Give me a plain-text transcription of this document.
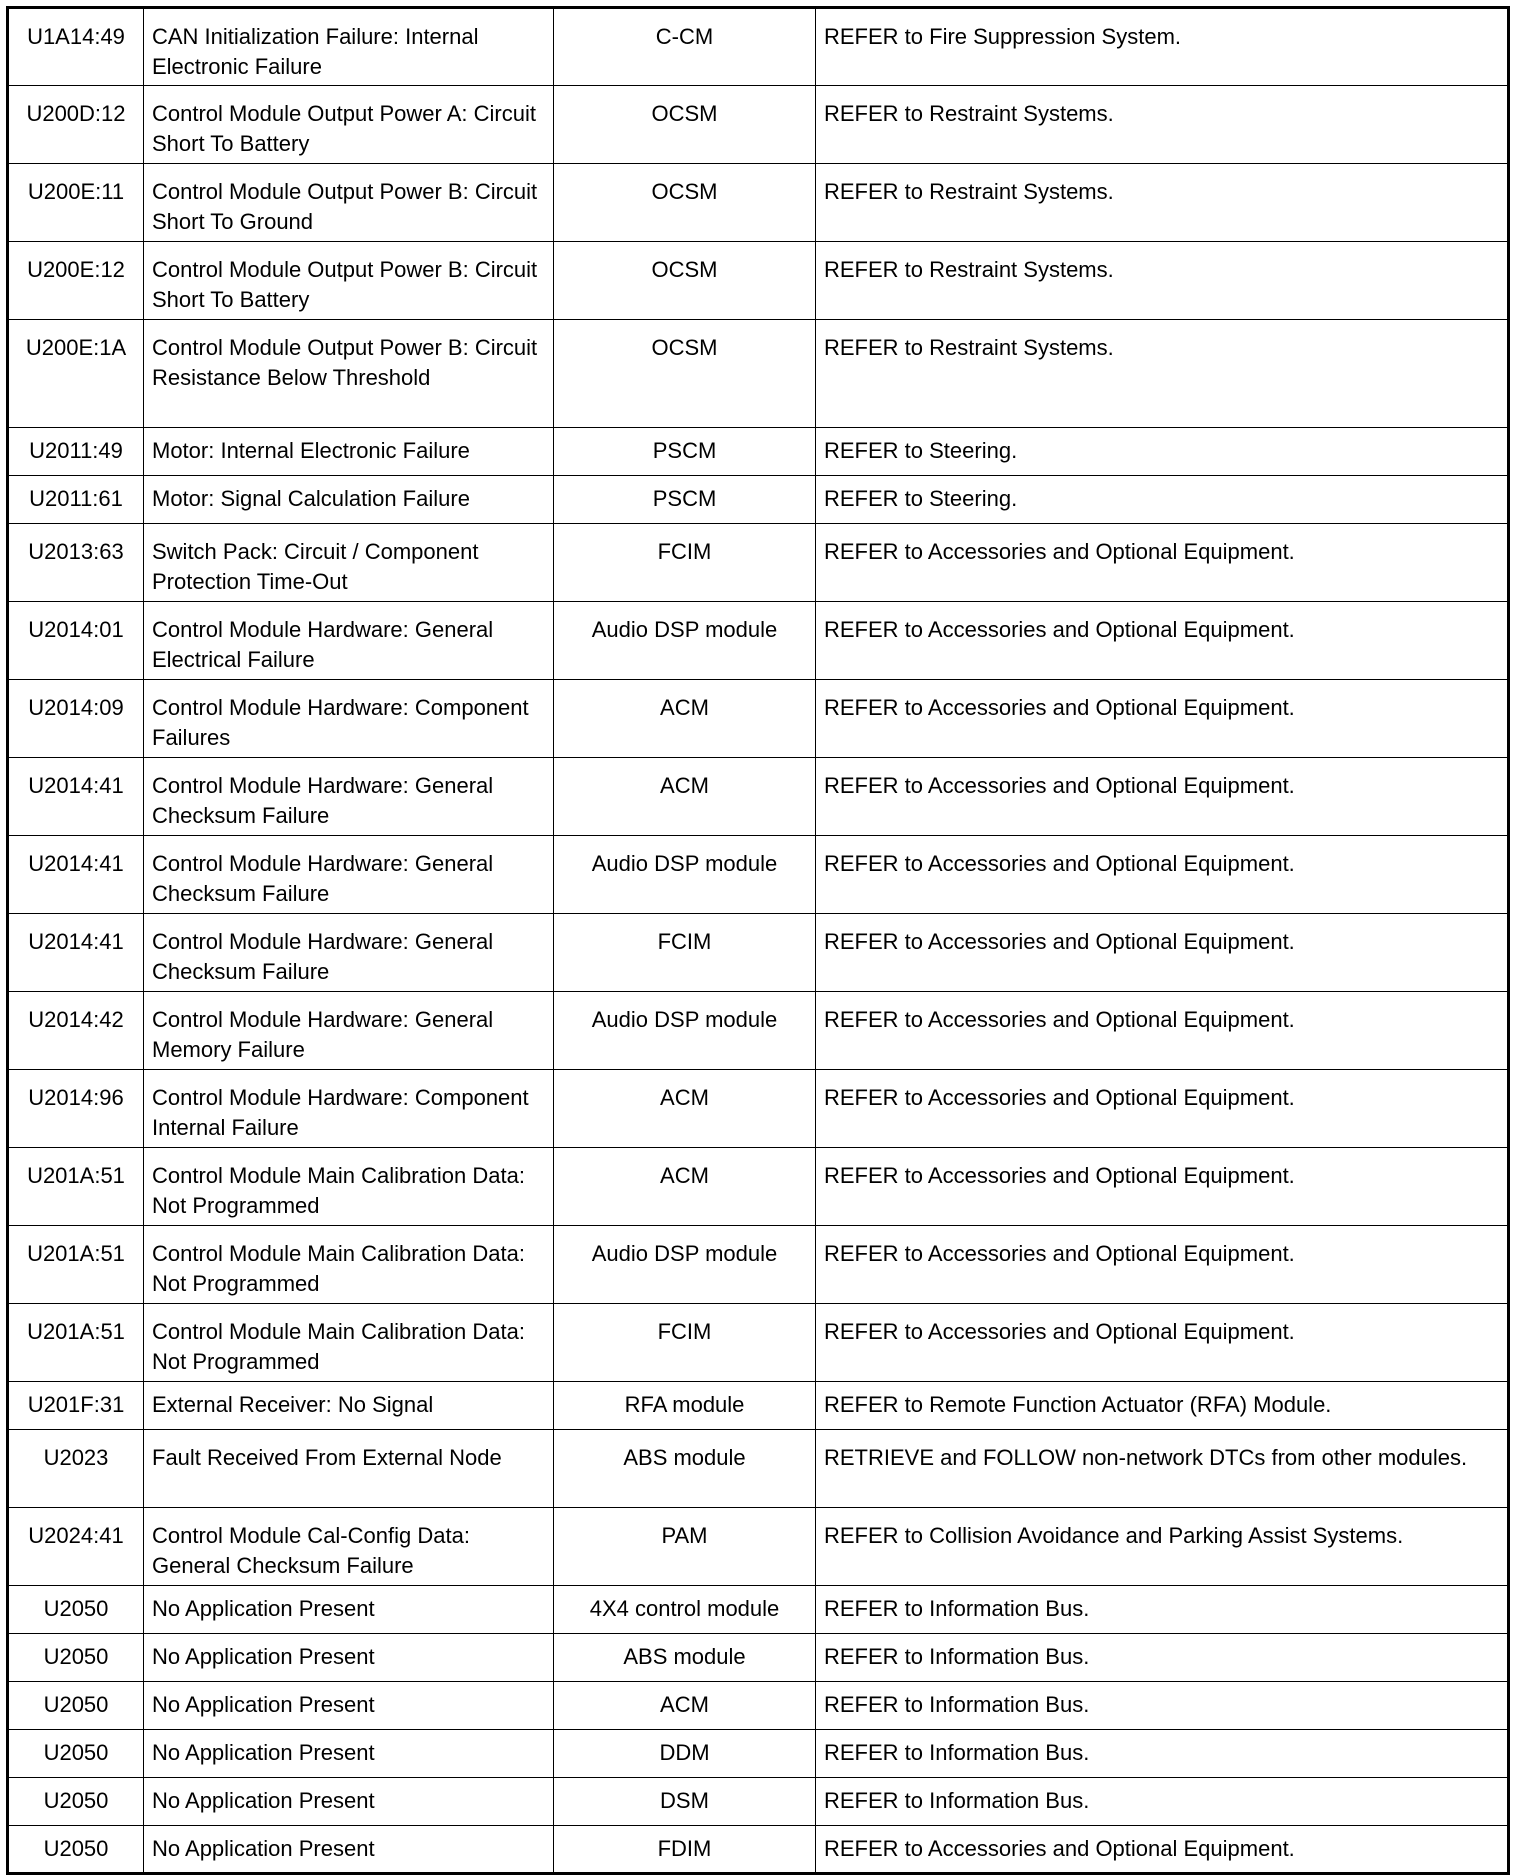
U1A14:49	CAN Initialization Failure: Internal Electronic Failure	C-CM	REFER to Fire Suppression System.
U200D:12	Control Module Output Power A: Circuit Short To Battery	OCSM	REFER to Restraint Systems.
U200E:11	Control Module Output Power B: Circuit Short To Ground	OCSM	REFER to Restraint Systems.
U200E:12	Control Module Output Power B: Circuit Short To Battery	OCSM	REFER to Restraint Systems.
U200E:1A	Control Module Output Power B: Circuit Resistance Below Threshold	OCSM	REFER to Restraint Systems.
U2011:49	Motor: Internal Electronic Failure	PSCM	REFER to Steering.
U2011:61	Motor: Signal Calculation Failure	PSCM	REFER to Steering.
U2013:63	Switch Pack: Circuit / Component Protection Time-Out	FCIM	REFER to Accessories and Optional Equipment.
U2014:01	Control Module Hardware: General Electrical Failure	Audio DSP module	REFER to Accessories and Optional Equipment.
U2014:09	Control Module Hardware: Component Failures	ACM	REFER to Accessories and Optional Equipment.
U2014:41	Control Module Hardware: General Checksum Failure	ACM	REFER to Accessories and Optional Equipment.
U2014:41	Control Module Hardware: General Checksum Failure	Audio DSP module	REFER to Accessories and Optional Equipment.
U2014:41	Control Module Hardware: General Checksum Failure	FCIM	REFER to Accessories and Optional Equipment.
U2014:42	Control Module Hardware: General Memory Failure	Audio DSP module	REFER to Accessories and Optional Equipment.
U2014:96	Control Module Hardware: Component Internal Failure	ACM	REFER to Accessories and Optional Equipment.
U201A:51	Control Module Main Calibration Data: Not Programmed	ACM	REFER to Accessories and Optional Equipment.
U201A:51	Control Module Main Calibration Data: Not Programmed	Audio DSP module	REFER to Accessories and Optional Equipment.
U201A:51	Control Module Main Calibration Data: Not Programmed	FCIM	REFER to Accessories and Optional Equipment.
U201F:31	External Receiver: No Signal	RFA module	REFER to Remote Function Actuator (RFA) Module.
U2023	Fault Received From External Node	ABS module	RETRIEVE and FOLLOW non-network DTCs from other modules.
U2024:41	Control Module Cal-Config Data: General Checksum Failure	PAM	REFER to Collision Avoidance and Parking Assist Systems.
U2050	No Application Present	4X4 control module	REFER to Information Bus.
U2050	No Application Present	ABS module	REFER to Information Bus.
U2050	No Application Present	ACM	REFER to Information Bus.
U2050	No Application Present	DDM	REFER to Information Bus.
U2050	No Application Present	DSM	REFER to Information Bus.
U2050	No Application Present	FDIM	REFER to Accessories and Optional Equipment.
